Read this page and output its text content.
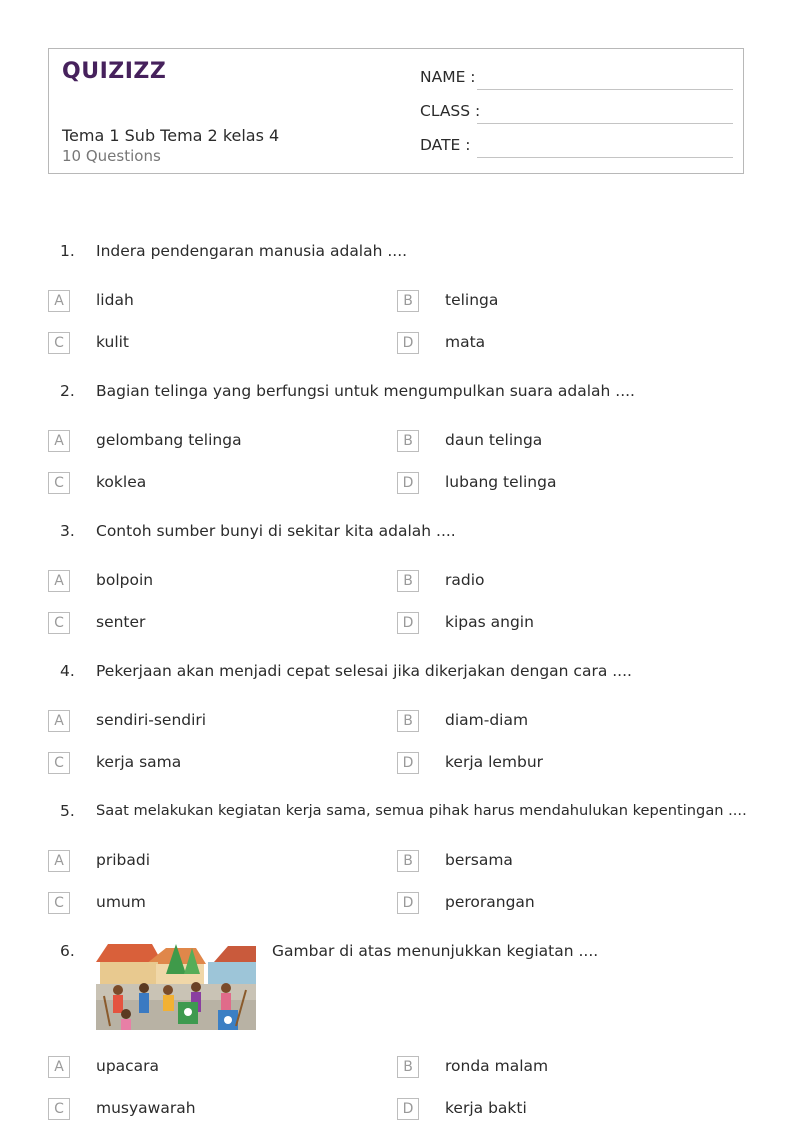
QUIZIZZ
Tema 1 Sub Tema 2 kelas 4
10 Questions
NAME :
CLASS :
DATE :
1. Indera pendengaran manusia adalah ....
A	lidah	B	telinga
C	kulit	D	mata
2. Bagian telinga yang berfungsi untuk mengumpulkan suara adalah ....
A	gelombang telinga	B	daun telinga
C	koklea	D	lubang telinga
3. Contoh sumber bunyi di sekitar kita adalah ....
A	bolpoin	B	radio
C	senter	D	kipas angin
4. Pekerjaan akan menjadi cepat selesai jika dikerjakan dengan cara ....
A	sendiri-sendiri	B	diam-diam
C	kerja sama	D	kerja lembur
5. Saat melakukan kegiatan kerja sama, semua pihak harus mendahulukan kepentingan ....
A	pribadi	B	bersama
C	umum	D	perorangan
6.	Gambar di atas menunjukkan kegiatan ....
A	upacara	B	ronda malam
C	musyawarah	D	kerja bakti
